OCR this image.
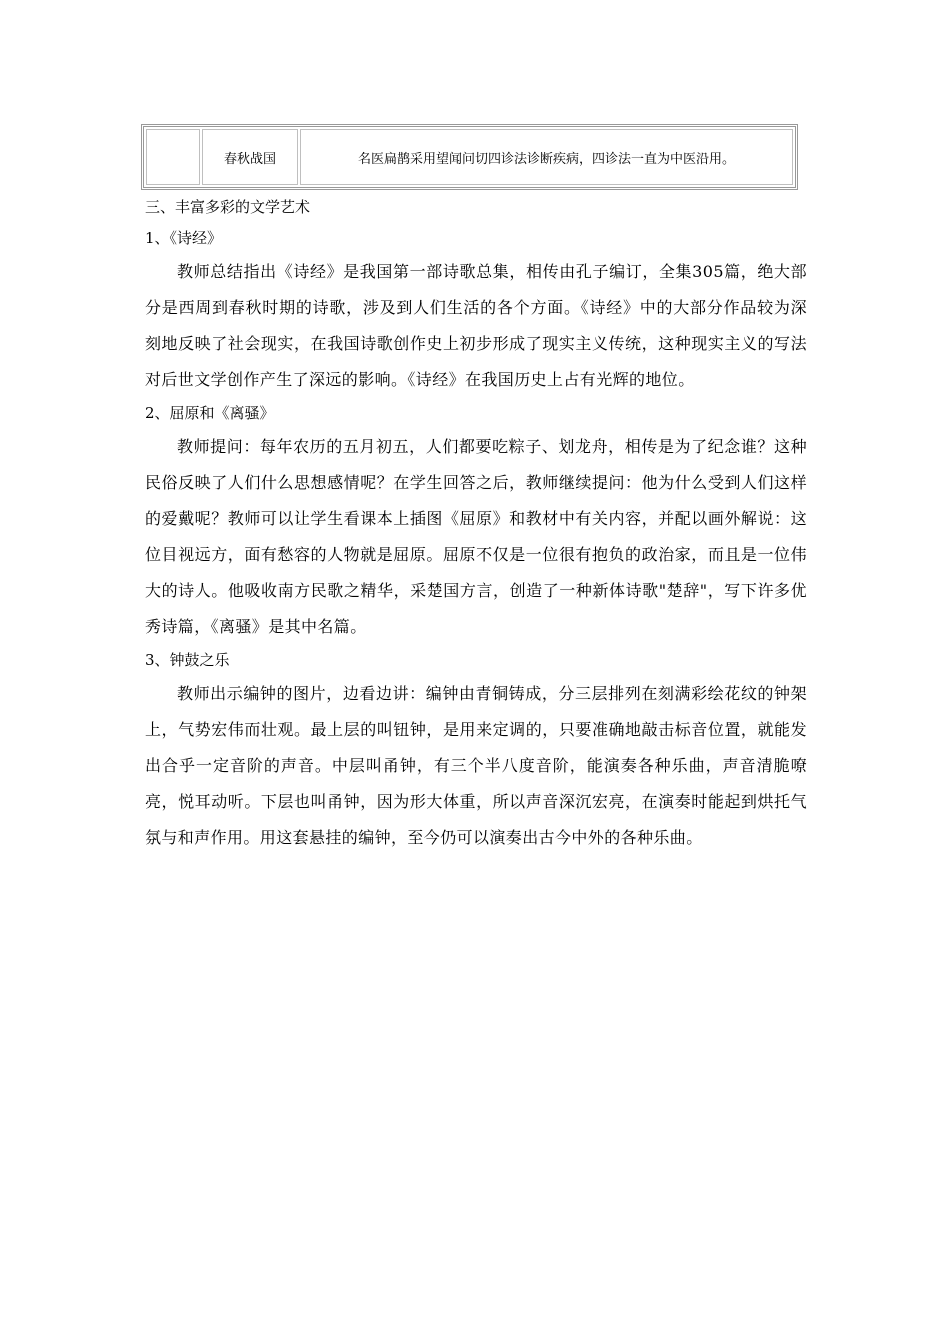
春秋战国	名医扁鹊采用望闻问切四诊法诊断疾病，四诊法一直为中医沿用。

三、丰富多彩的文学艺术

1、《诗经》

教师总结指出《诗经》是我国第一部诗歌总集，相传由孔子编订，全集305篇，绝大部分是西周到春秋时期的诗歌，涉及到人们生活的各个方面。《诗经》中的大部分作品较为深刻地反映了社会现实，在我国诗歌创作史上初步形成了现实主义传统，这种现实主义的写法对后世文学创作产生了深远的影响。《诗经》在我国历史上占有光辉的地位。

2、屈原和《离骚》

教师提问：每年农历的五月初五，人们都要吃粽子、划龙舟，相传是为了纪念谁？这种民俗反映了人们什么思想感情呢？在学生回答之后，教师继续提问：他为什么受到人们这样的爱戴呢？教师可以让学生看课本上插图《屈原》和教材中有关内容，并配以画外解说：这位目视远方，面有愁容的人物就是屈原。屈原不仅是一位很有抱负的政治家，而且是一位伟大的诗人。他吸收南方民歌之精华，采楚国方言，创造了一种新体诗歌"楚辞"，写下许多优秀诗篇，《离骚》是其中名篇。

3、钟鼓之乐

教师出示编钟的图片，边看边讲：编钟由青铜铸成，分三层排列在刻满彩绘花纹的钟架上，气势宏伟而壮观。最上层的叫钮钟，是用来定调的，只要准确地敲击标音位置，就能发出合乎一定音阶的声音。中层叫甬钟，有三个半八度音阶，能演奏各种乐曲，声音清脆嘹亮，悦耳动听。下层也叫甬钟，因为形大体重，所以声音深沉宏亮，在演奏时能起到烘托气氛与和声作用。用这套悬挂的编钟，至今仍可以演奏出古今中外的各种乐曲。
